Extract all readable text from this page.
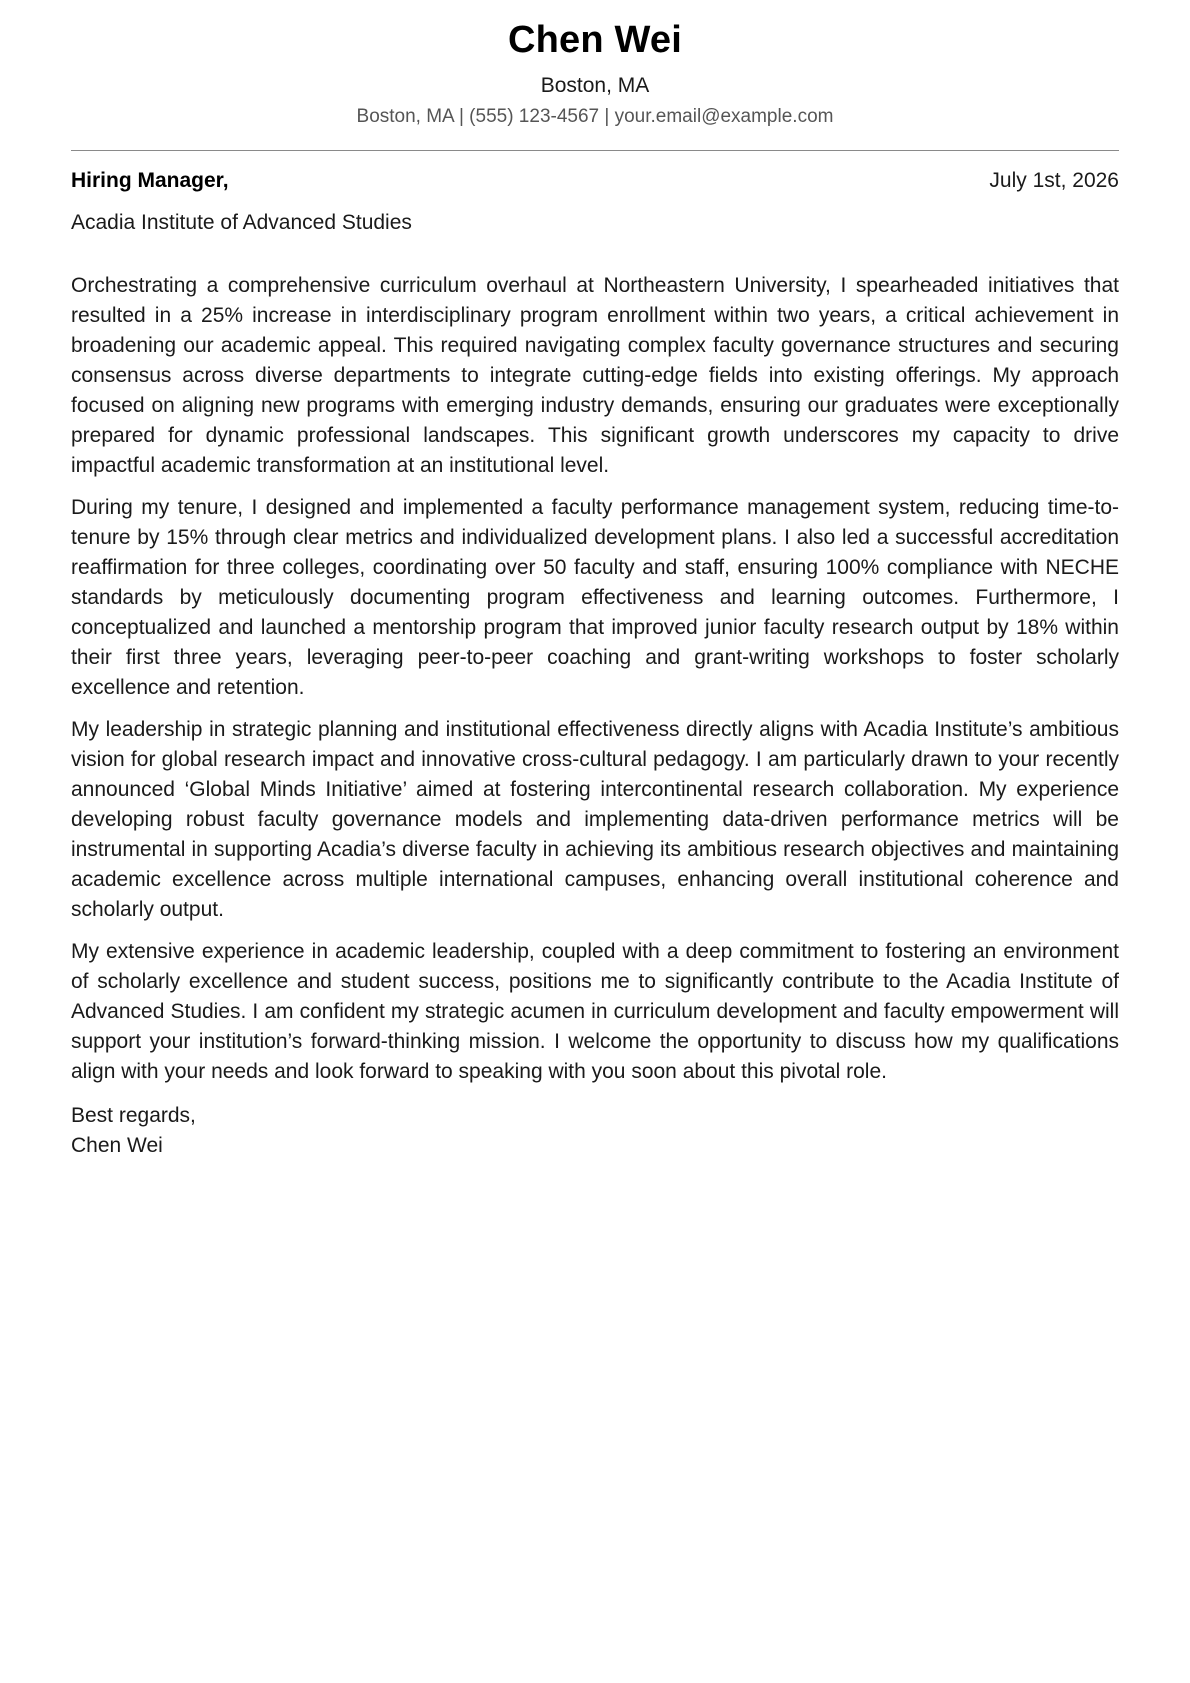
Chen Wei
Boston, MA
Boston, MA | (555) 123-4567 | your.email@example.com
Hiring Manager,	July 1st, 2026
Acadia Institute of Advanced Studies

Orchestrating a comprehensive curriculum overhaul at Northeastern University, I spearheaded initiatives that resulted in a 25% increase in interdisciplinary program enrollment within two years, a critical achievement in broadening our academic appeal. This required navigating complex faculty governance structures and securing consensus across diverse departments to integrate cutting-edge fields into existing offerings. My approach focused on aligning new programs with emerging industry demands, ensuring our graduates were exceptionally prepared for dynamic professional landscapes. This significant growth underscores my capacity to drive impactful academic transformation at an institutional level.

During my tenure, I designed and implemented a faculty performance management system, reducing time-to-tenure by 15% through clear metrics and individualized development plans. I also led a successful accreditation reaffirmation for three colleges, coordinating over 50 faculty and staff, ensuring 100% compliance with NECHE standards by meticulously documenting program effectiveness and learning outcomes. Furthermore, I conceptualized and launched a mentorship program that improved junior faculty research output by 18% within their first three years, leveraging peer-to-peer coaching and grant-writing workshops to foster scholarly excellence and retention.

My leadership in strategic planning and institutional effectiveness directly aligns with Acadia Institute’s ambitious vision for global research impact and innovative cross-cultural pedagogy. I am particularly drawn to your recently announced ‘Global Minds Initiative’ aimed at fostering intercontinental research collaboration. My experience developing robust faculty governance models and implementing data-driven performance metrics will be instrumental in supporting Acadia’s diverse faculty in achieving its ambitious research objectives and maintaining academic excellence across multiple international campuses, enhancing overall institutional coherence and scholarly output.

My extensive experience in academic leadership, coupled with a deep commitment to fostering an environment of scholarly excellence and student success, positions me to significantly contribute to the Acadia Institute of Advanced Studies. I am confident my strategic acumen in curriculum development and faculty empowerment will support your institution’s forward-thinking mission. I welcome the opportunity to discuss how my qualifications align with your needs and look forward to speaking with you soon about this pivotal role.

Best regards,
Chen Wei
